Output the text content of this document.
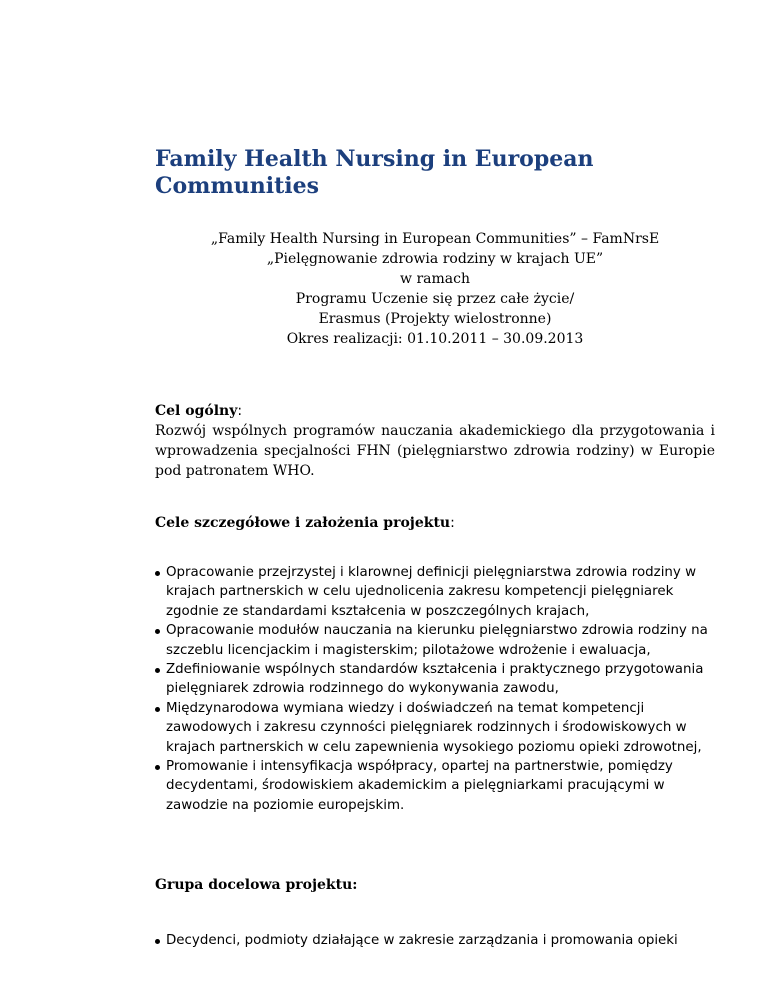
Family Health Nursing in European Communities
„Family Health Nursing in European Communities” – FamNrsE
„Pielęgnowanie zdrowia rodziny w krajach UE”
w ramach
Programu Uczenie się przez całe życie/
Erasmus (Projekty wielostronne)
Okres realizacji: 01.10.2011 – 30.09.2013
Cel ogólny:
Rozwój wspólnych programów nauczania akademickiego dla przygotowania i wprowadzenia specjalności FHN (pielęgniarstwo zdrowia rodziny) w Europie pod patronatem WHO.
Cele szczegółowe i założenia projektu:
Opracowanie przejrzystej i klarownej definicji pielęgniarstwa zdrowia rodziny w krajach partnerskich w celu ujednolicenia zakresu kompetencji pielęgniarek zgodnie ze standardami kształcenia w poszczególnych krajach,
Opracowanie modułów nauczania na kierunku pielęgniarstwo zdrowia rodziny na szczeblu licencjackim i magisterskim; pilotażowe wdrożenie i ewaluacja,
Zdefiniowanie wspólnych standardów kształcenia i praktycznego przygotowania pielęgniarek zdrowia rodzinnego do wykonywania zawodu,
Międzynarodowa wymiana wiedzy i doświadczeń na temat kompetencji zawodowych i zakresu czynności pielęgniarek rodzinnych i środowiskowych w krajach partnerskich w celu zapewnienia wysokiego poziomu opieki zdrowotnej,
Promowanie i intensyfikacja współpracy, opartej na partnerstwie, pomiędzy decydentami, środowiskiem akademickim a pielęgniarkami pracującymi w zawodzie na poziomie europejskim.
Grupa docelowa projektu:
Decydenci, podmioty działające w zakresie zarządzania i promowania opieki
